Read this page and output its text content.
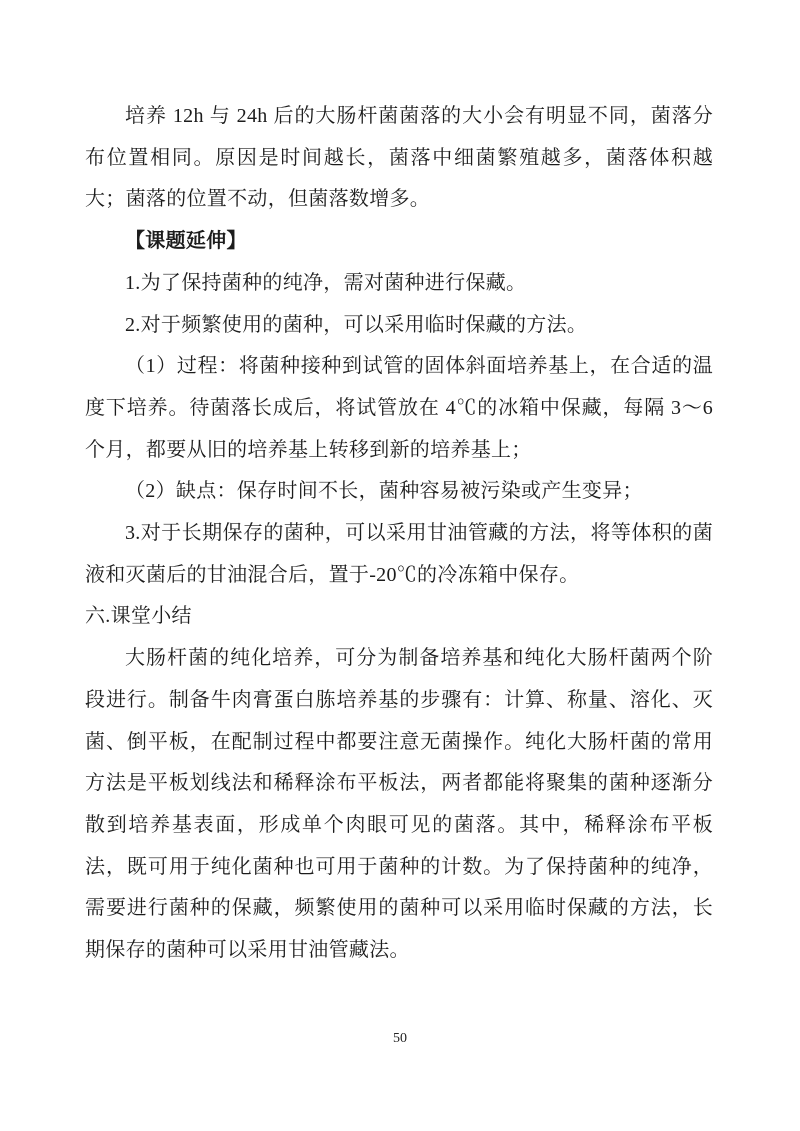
培养 12h 与 24h 后的大肠杆菌菌落的大小会有明显不同，菌落分布位置相同。原因是时间越长，菌落中细菌繁殖越多，菌落体积越大；菌落的位置不动，但菌落数增多。

【课题延伸】

1.为了保持菌种的纯净，需对菌种进行保藏。

2.对于频繁使用的菌种，可以采用临时保藏的方法。

（1）过程：将菌种接种到试管的固体斜面培养基上，在合适的温度下培养。待菌落长成后，将试管放在 4℃的冰箱中保藏，每隔 3～6 个月，都要从旧的培养基上转移到新的培养基上；

（2）缺点：保存时间不长，菌种容易被污染或产生变异；

3.对于长期保存的菌种，可以采用甘油管藏的方法，将等体积的菌液和灭菌后的甘油混合后，置于-20℃的冷冻箱中保存。

六.课堂小结

大肠杆菌的纯化培养，可分为制备培养基和纯化大肠杆菌两个阶段进行。制备牛肉膏蛋白胨培养基的步骤有：计算、称量、溶化、灭菌、倒平板，在配制过程中都要注意无菌操作。纯化大肠杆菌的常用方法是平板划线法和稀释涂布平板法，两者都能将聚集的菌种逐渐分散到培养基表面，形成单个肉眼可见的菌落。其中，稀释涂布平板法，既可用于纯化菌种也可用于菌种的计数。为了保持菌种的纯净，需要进行菌种的保藏，频繁使用的菌种可以采用临时保藏的方法，长期保存的菌种可以采用甘油管藏法。

50
